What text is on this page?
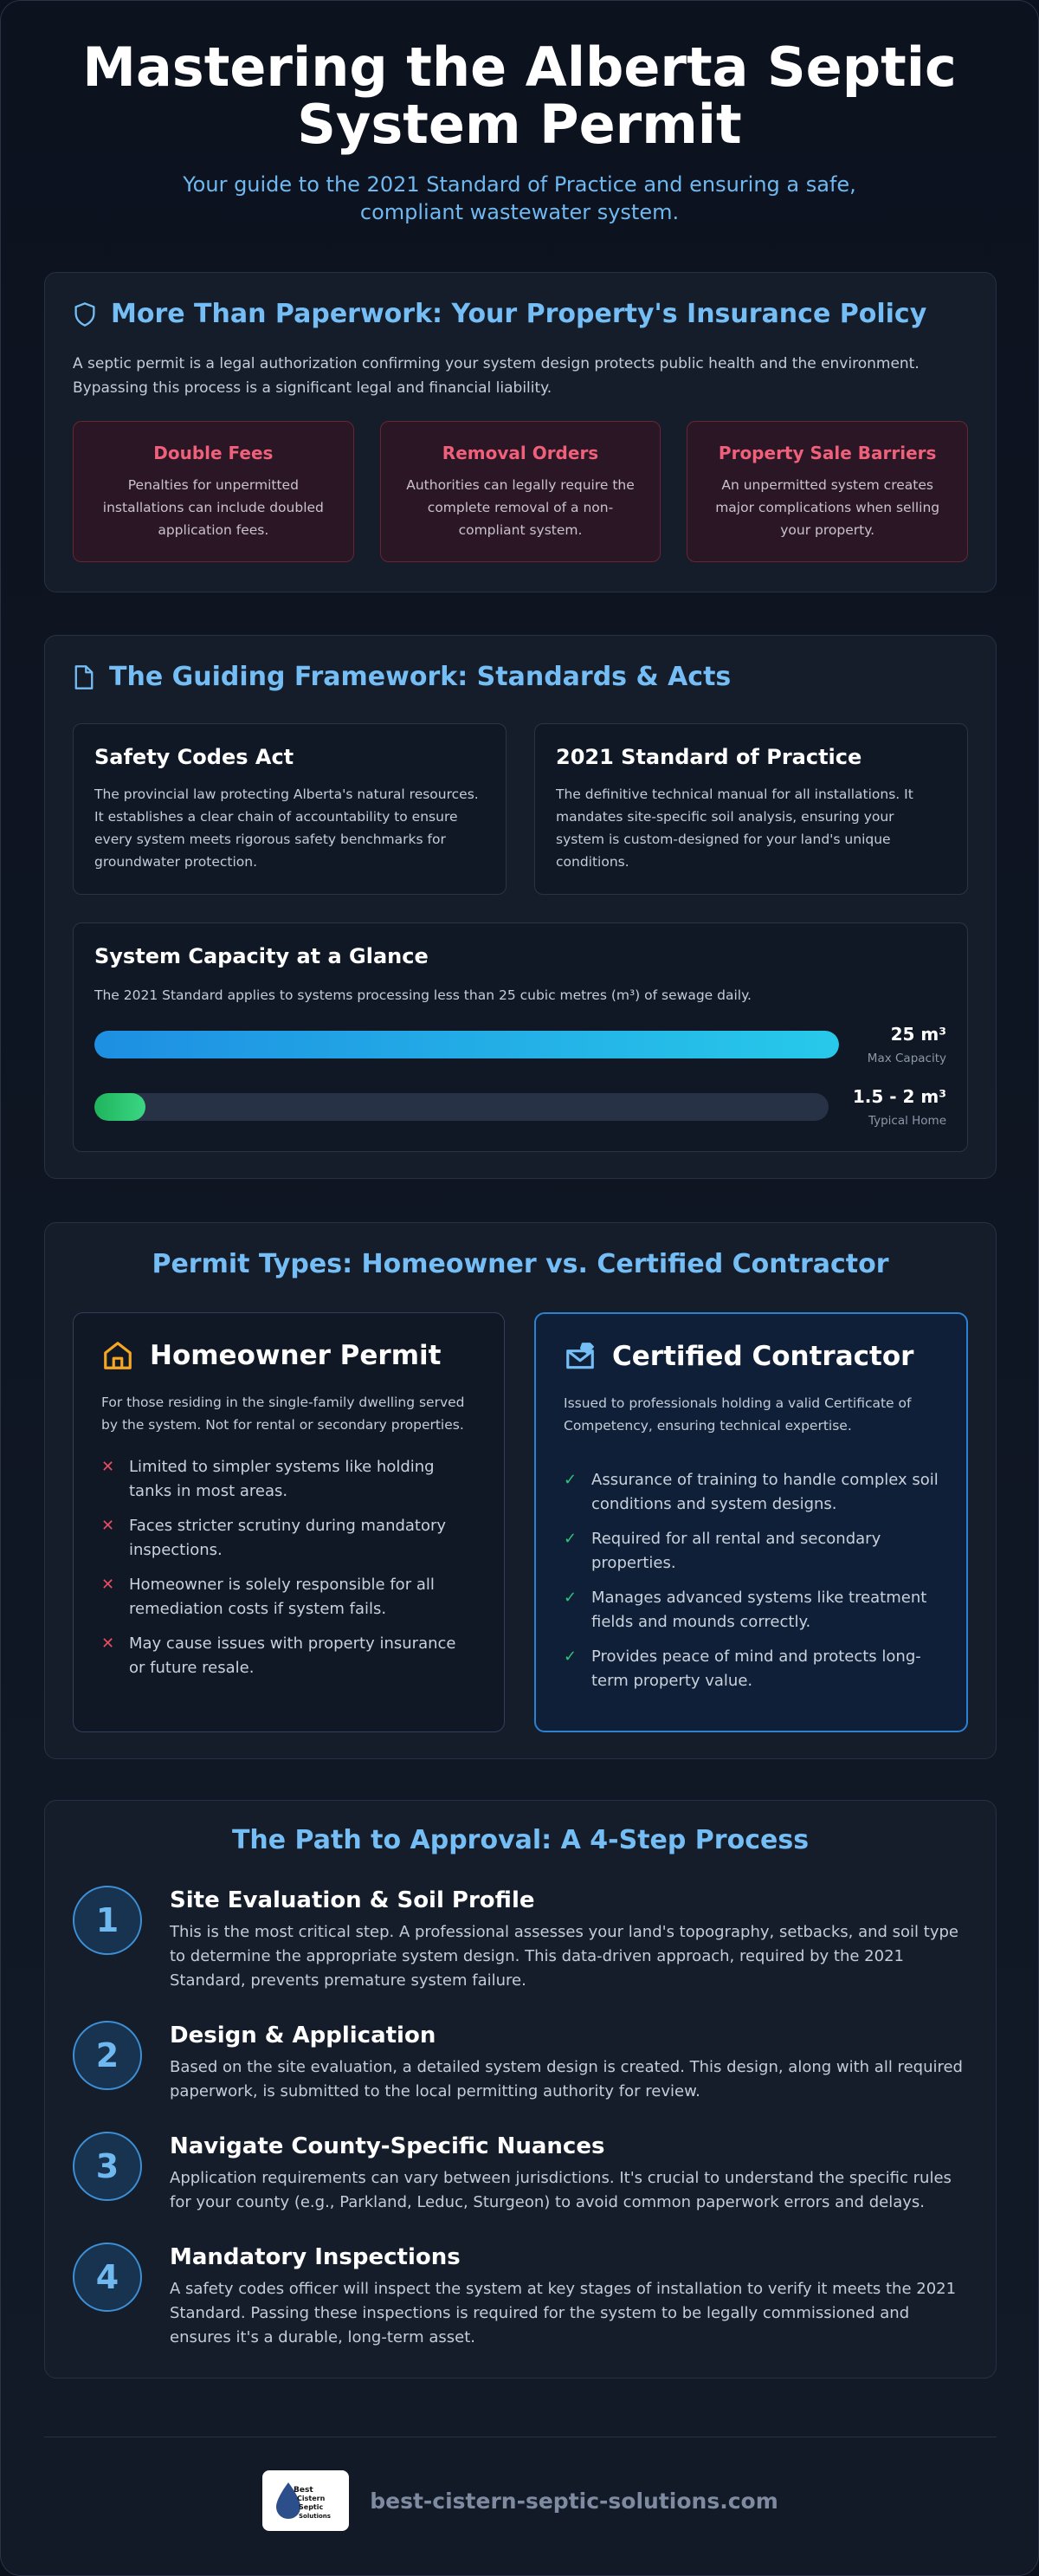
Mastering the Alberta Septic System Permit

Your guide to the 2021 Standard of Practice and ensuring a safe, compliant wastewater system.

More Than Paperwork: Your Property's Insurance Policy

A septic permit is a legal authorization confirming your system design protects public health and the environment. Bypassing this process is a significant legal and financial liability.

Double Fees

Penalties for unpermitted installations can include doubled application fees.

Removal Orders

Authorities can legally require the complete removal of a non-compliant system.

Property Sale Barriers

An unpermitted system creates major complications when selling your property.

The Guiding Framework: Standards & Acts
Safety Codes Act

The provincial law protecting Alberta's natural resources. It establishes a clear chain of accountability to ensure every system meets rigorous safety benchmarks for groundwater protection.

2021 Standard of Practice

The definitive technical manual for all installations. It mandates site-specific soil analysis, ensuring your system is custom-designed for your land's unique conditions.

System Capacity at a Glance

The 2021 Standard applies to systems processing less than 25 cubic metres (m³) of sewage daily.

25 m³
Max Capacity
1.5 - 2 m³
Typical Home
Permit Types: Homeowner vs. Certified Contractor
Homeowner Permit

For those residing in the single-family dwelling served by the system. Not for rental or secondary properties.

✕ Limited to simpler systems like holding tanks in most areas.
✕ Faces stricter scrutiny during mandatory inspections.
✕ Homeowner is solely responsible for all remediation costs if system fails.
✕ May cause issues with property insurance or future resale.
Certified Contractor

Issued to professionals holding a valid Certificate of Competency, ensuring technical expertise.

✓ Assurance of training to handle complex soil conditions and system designs.
✓ Required for all rental and secondary properties.
✓ Manages advanced systems like treatment fields and mounds correctly.
✓ Provides peace of mind and protects long-term property value.
The Path to Approval: A 4-Step Process
1
Site Evaluation & Soil Profile

This is the most critical step. A professional assesses your land's topography, setbacks, and soil type to determine the appropriate system design. This data-driven approach, required by the 2021 Standard, prevents premature system failure.

2
Design & Application

Based on the site evaluation, a detailed system design is created. This design, along with all required paperwork, is submitted to the local permitting authority for review.

3
Navigate County-Specific Nuances

Application requirements can vary between jurisdictions. It's crucial to understand the specific rules for your county (e.g., Parkland, Leduc, Sturgeon) to avoid common paperwork errors and delays.

4
Mandatory Inspections

A safety codes officer will inspect the system at key stages of installation to verify it meets the 2021 Standard. Passing these inspections is required for the system to be legally commissioned and ensures it's a durable, long-term asset.

Best
Cistern
Septic
Solutions
best-cistern-septic-solutions.com
